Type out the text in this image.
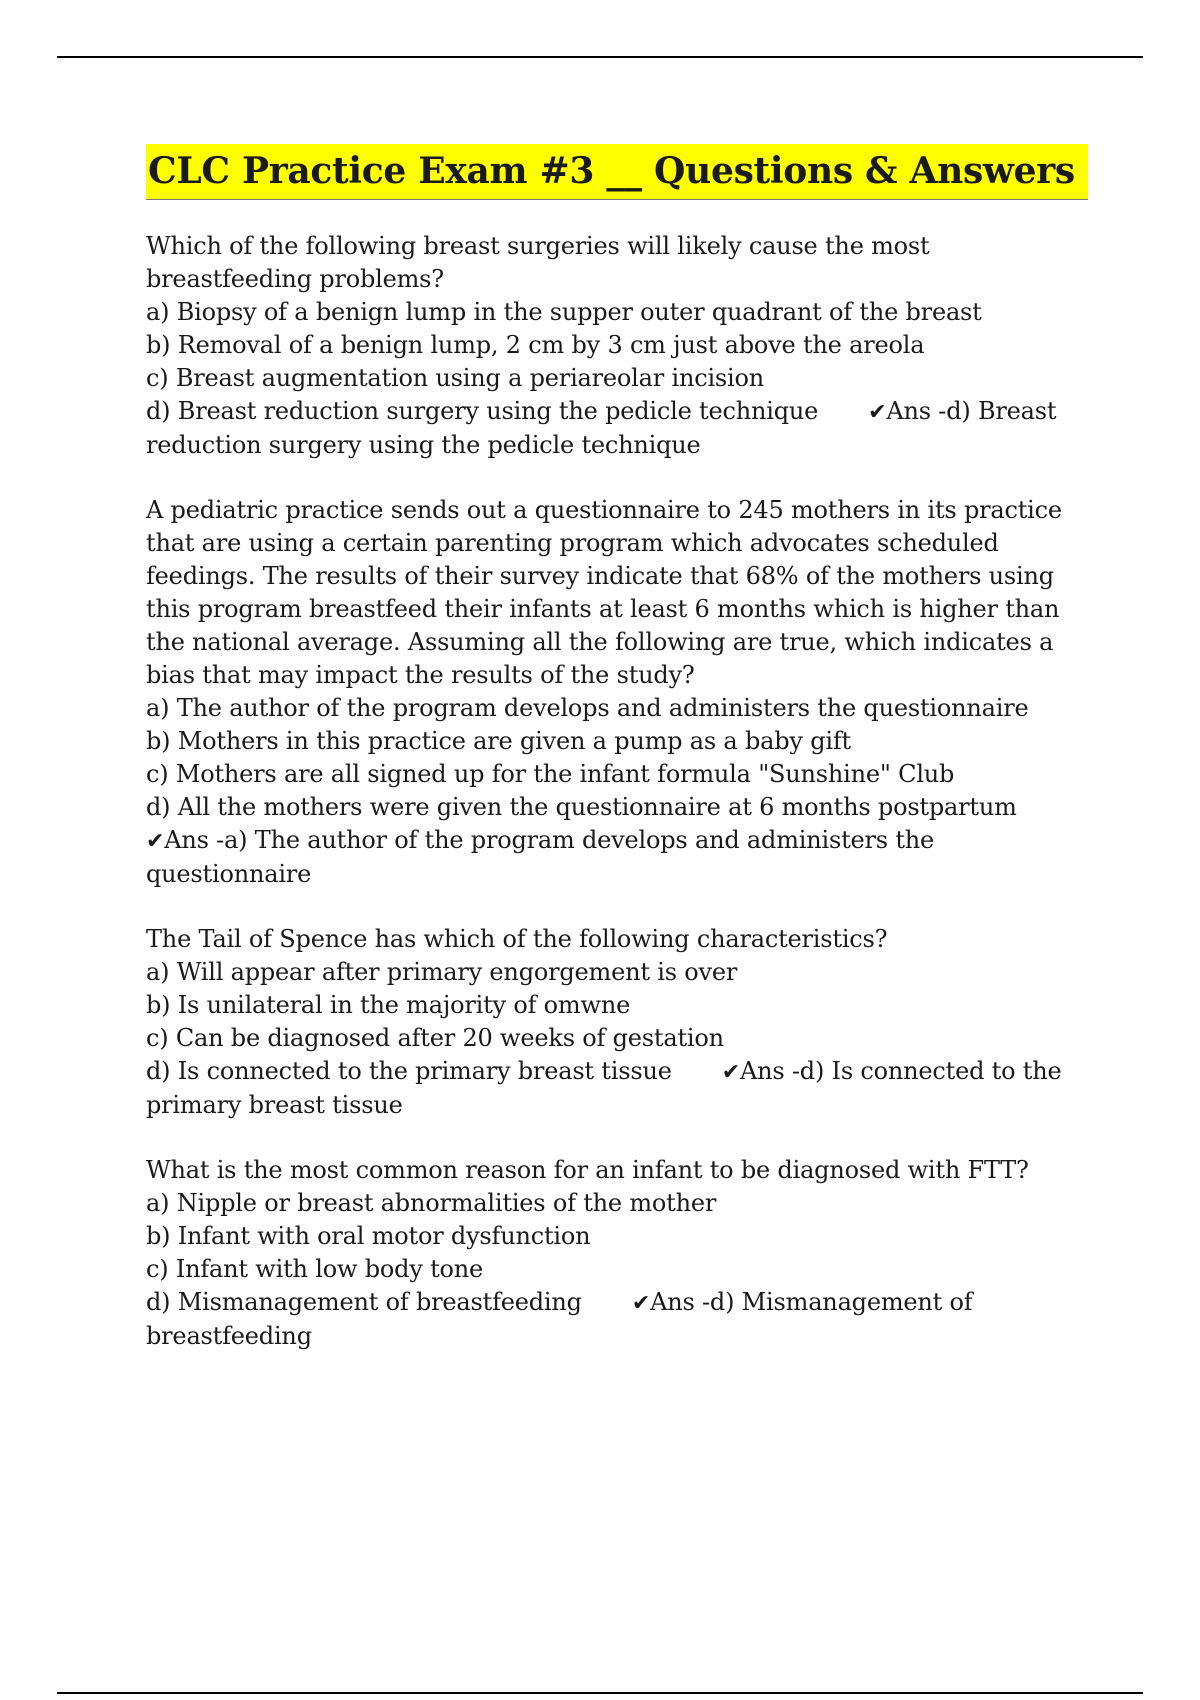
CLC Practice Exam #3 __ Questions & Answers
Which of the following breast surgeries will likely cause the most
breastfeeding problems?
a) Biopsy of a benign lump in the supper outer quadrant of the breast
b) Removal of a benign lump, 2 cm by 3 cm just above the areola
c) Breast augmentation using a periareolar incision
d) Breast reduction surgery using the pedicle technique ✔Ans -d) Breast
reduction surgery using the pedicle technique
A pediatric practice sends out a questionnaire to 245 mothers in its practice
that are using a certain parenting program which advocates scheduled
feedings. The results of their survey indicate that 68% of the mothers using
this program breastfeed their infants at least 6 months which is higher than
the national average. Assuming all the following are true, which indicates a
bias that may impact the results of the study?
a) The author of the program develops and administers the questionnaire
b) Mothers in this practice are given a pump as a baby gift
c) Mothers are all signed up for the infant formula "Sunshine" Club
d) All the mothers were given the questionnaire at 6 months postpartum
✔Ans -a) The author of the program develops and administers the
questionnaire
The Tail of Spence has which of the following characteristics?
a) Will appear after primary engorgement is over
b) Is unilateral in the majority of omwne
c) Can be diagnosed after 20 weeks of gestation
d) Is connected to the primary breast tissue ✔Ans -d) Is connected to the
primary breast tissue
What is the most common reason for an infant to be diagnosed with FTT?
a) Nipple or breast abnormalities of the mother
b) Infant with oral motor dysfunction
c) Infant with low body tone
d) Mismanagement of breastfeeding ✔Ans -d) Mismanagement of
breastfeeding
